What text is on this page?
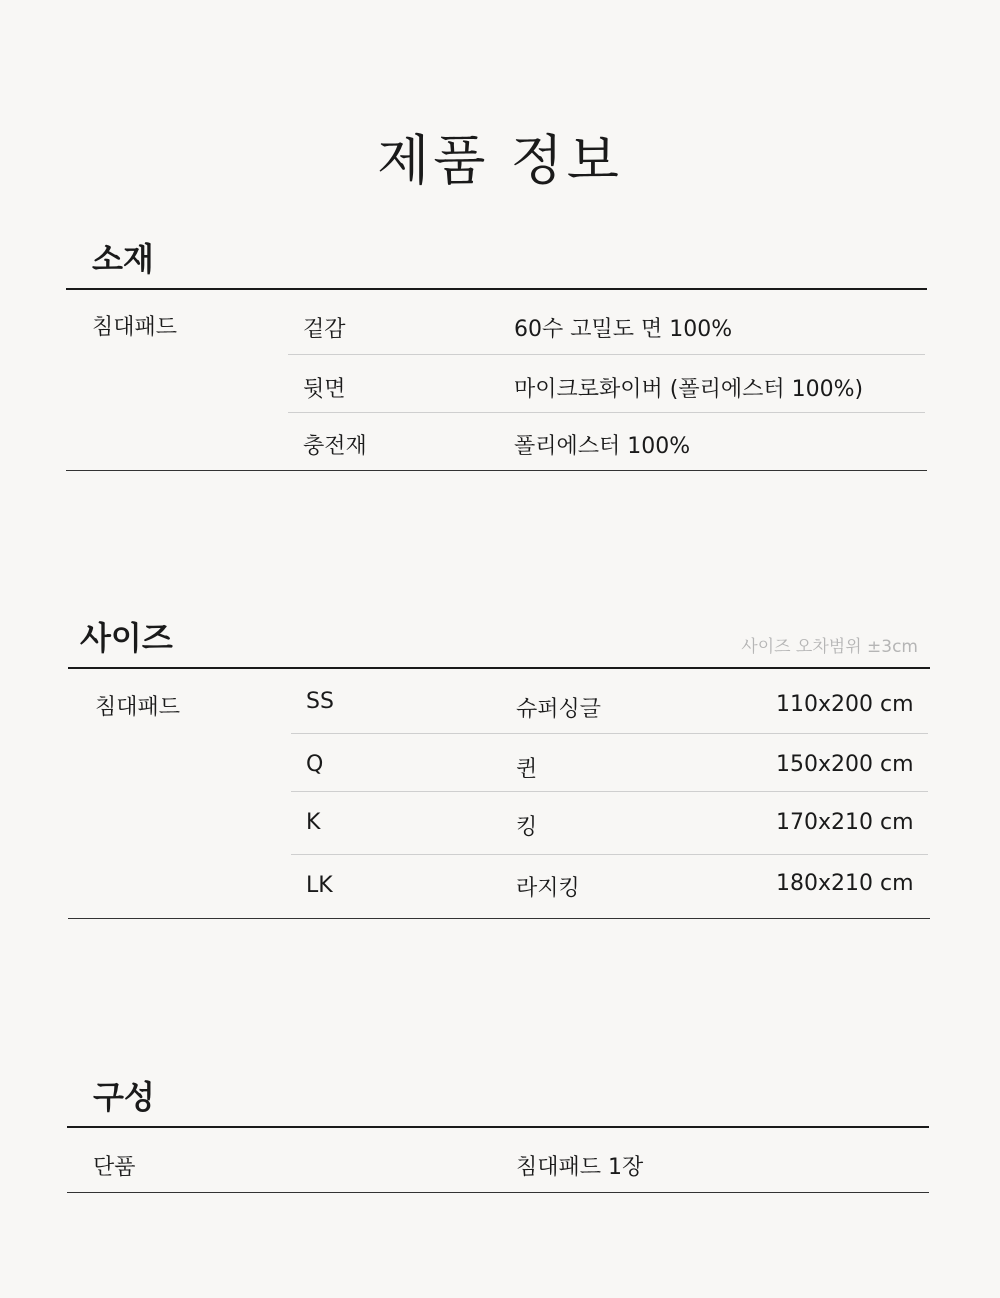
제품 정보
소재
침대패드	겉감	60수 고밀도 면 100%
뒷면	마이크로화이버 (폴리에스터 100%)
충전재	폴리에스터 100%
사이즈	사이즈 오차범위 ±3cm
침대패드	SS	슈퍼싱글	110x200 cm
Q	퀸	150x200 cm
K	킹	170x210 cm
LK	라지킹	180x210 cm
구성
단품	침대패드 1장
